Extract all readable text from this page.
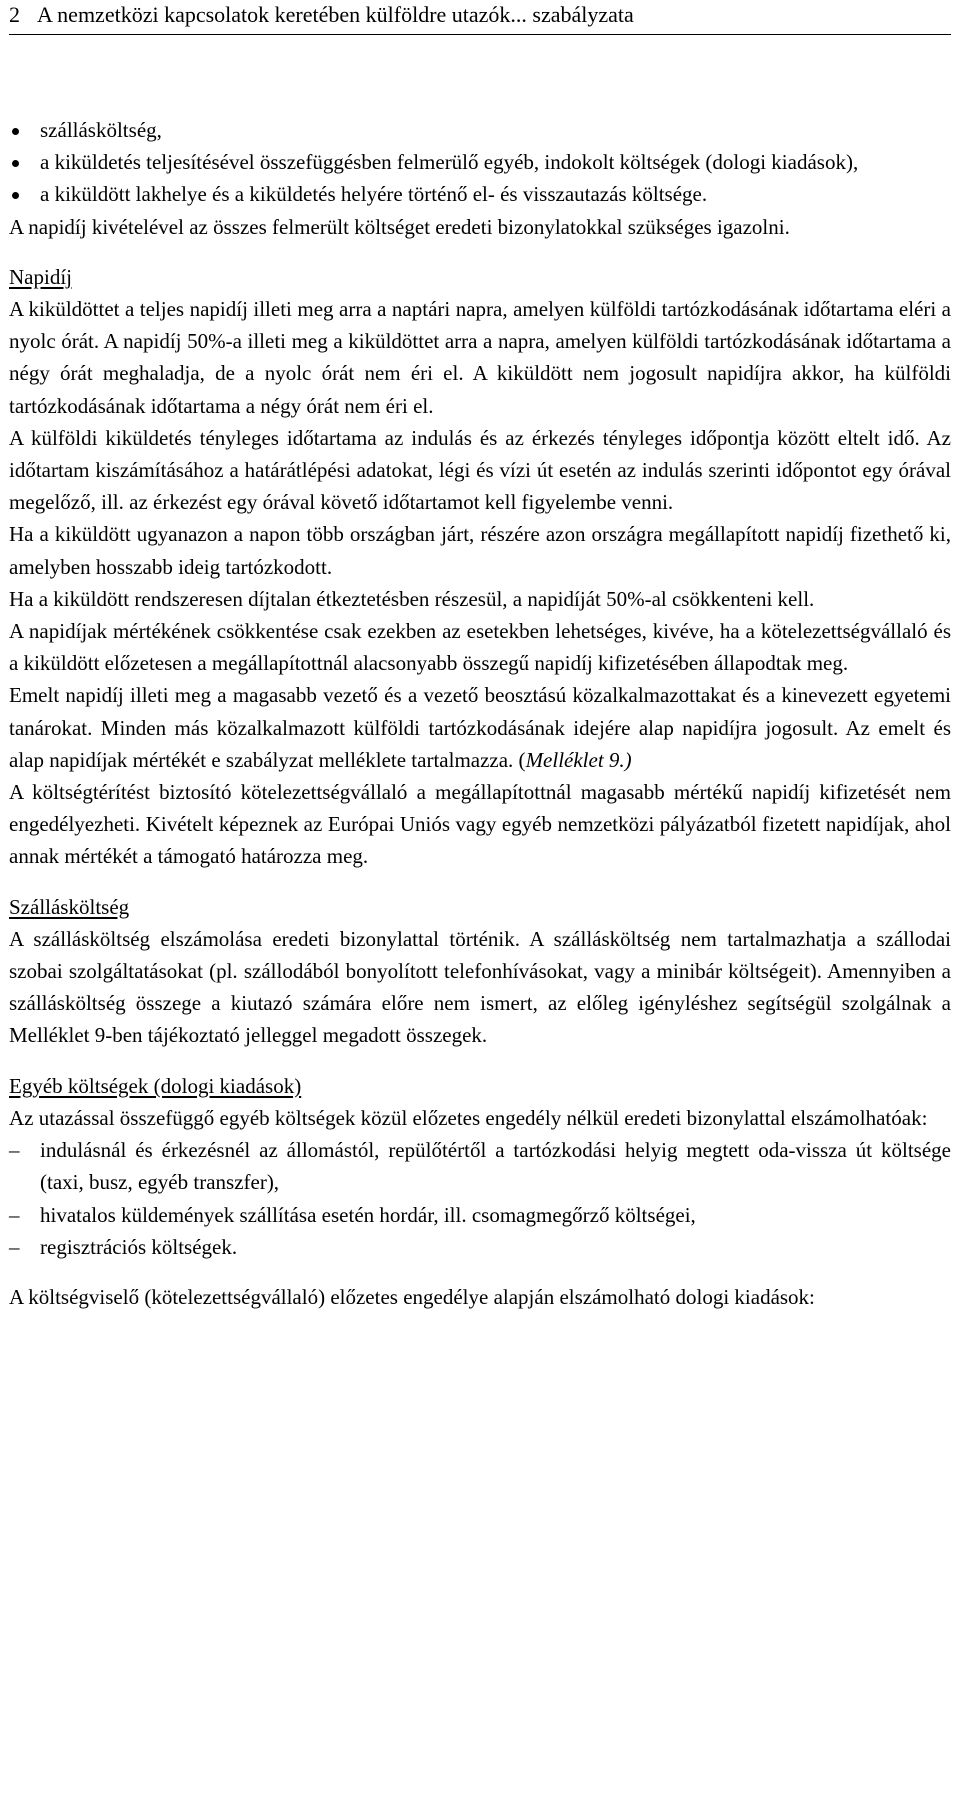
2 A nemzetközi kapcsolatok keretében külföldre utazók... szabályzata
szállásköltség,
a kiküldetés teljesítésével összefüggésben felmerülő egyéb, indokolt költségek (dologi kiadások),
a kiküldött lakhelye és a kiküldetés helyére történő el- és visszautazás költsége.

A napidíj kivételével az összes felmerült költséget eredeti bizonylatokkal szükséges igazolni.

Napidíj

A kiküldöttet a teljes napidíj illeti meg arra a naptári napra, amelyen külföldi tartózkodásának időtartama eléri a nyolc órát. A napidíj 50%-a illeti meg a kiküldöttet arra a napra, amelyen külföldi tartózkodásának időtartama a négy órát meghaladja, de a nyolc órát nem éri el. A kiküldött nem jogosult napidíjra akkor, ha külföldi tartózkodásának időtartama a négy órát nem éri el.

A külföldi kiküldetés tényleges időtartama az indulás és az érkezés tényleges időpontja között eltelt idő. Az időtartam kiszámításához a határátlépési adatokat, légi és vízi út esetén az indulás szerinti időpontot egy órával megelőző, ill. az érkezést egy órával követő időtartamot kell figyelembe venni.

Ha a kiküldött ugyanazon a napon több országban járt, részére azon országra megállapított napidíj fizethető ki, amelyben hosszabb ideig tartózkodott.

Ha a kiküldött rendszeresen díjtalan étkeztetésben részesül, a napidíját 50%-al csökkenteni kell.

A napidíjak mértékének csökkentése csak ezekben az esetekben lehetséges, kivéve, ha a kötelezettségvállaló és a kiküldött előzetesen a megállapítottnál alacsonyabb összegű napidíj kifizetésében állapodtak meg.

Emelt napidíj illeti meg a magasabb vezető és a vezető beosztású közalkalmazottakat és a kinevezett egyetemi tanárokat. Minden más közalkalmazott külföldi tartózkodásának idejére alap napidíjra jogosult. Az emelt és alap napidíjak mértékét e szabályzat melléklete tartalmazza. (Melléklet 9.)

A költségtérítést biztosító kötelezettségvállaló a megállapítottnál magasabb mértékű napidíj kifizetését nem engedélyezheti. Kivételt képeznek az Európai Uniós vagy egyéb nemzetközi pályázatból fizetett napidíjak, ahol annak mértékét a támogató határozza meg.

Szállásköltség

A szállásköltség elszámolása eredeti bizonylattal történik. A szállásköltség nem tartalmazhatja a szállodai szobai szolgáltatásokat (pl. szállodából bonyolított telefonhívásokat, vagy a minibár költségeit). Amennyiben a szállásköltség összege a kiutazó számára előre nem ismert, az előleg igényléshez segítségül szolgálnak a Melléklet 9-ben tájékoztató jelleggel megadott összegek.

Egyéb költségek (dologi kiadások)

Az utazással összefüggő egyéb költségek közül előzetes engedély nélkül eredeti bizonylattal elszámolhatóak:

– indulásnál és érkezésnél az állomástól, repülőtértől a tartózkodási helyig megtett oda-vissza út költsége (taxi, busz, egyéb transzfer),
– hivatalos küldemények szállítása esetén hordár, ill. csomagmegőrző költségei,
– regisztrációs költségek.

A költségviselő (kötelezettségvállaló) előzetes engedélye alapján elszámolható dologi kiadások:
